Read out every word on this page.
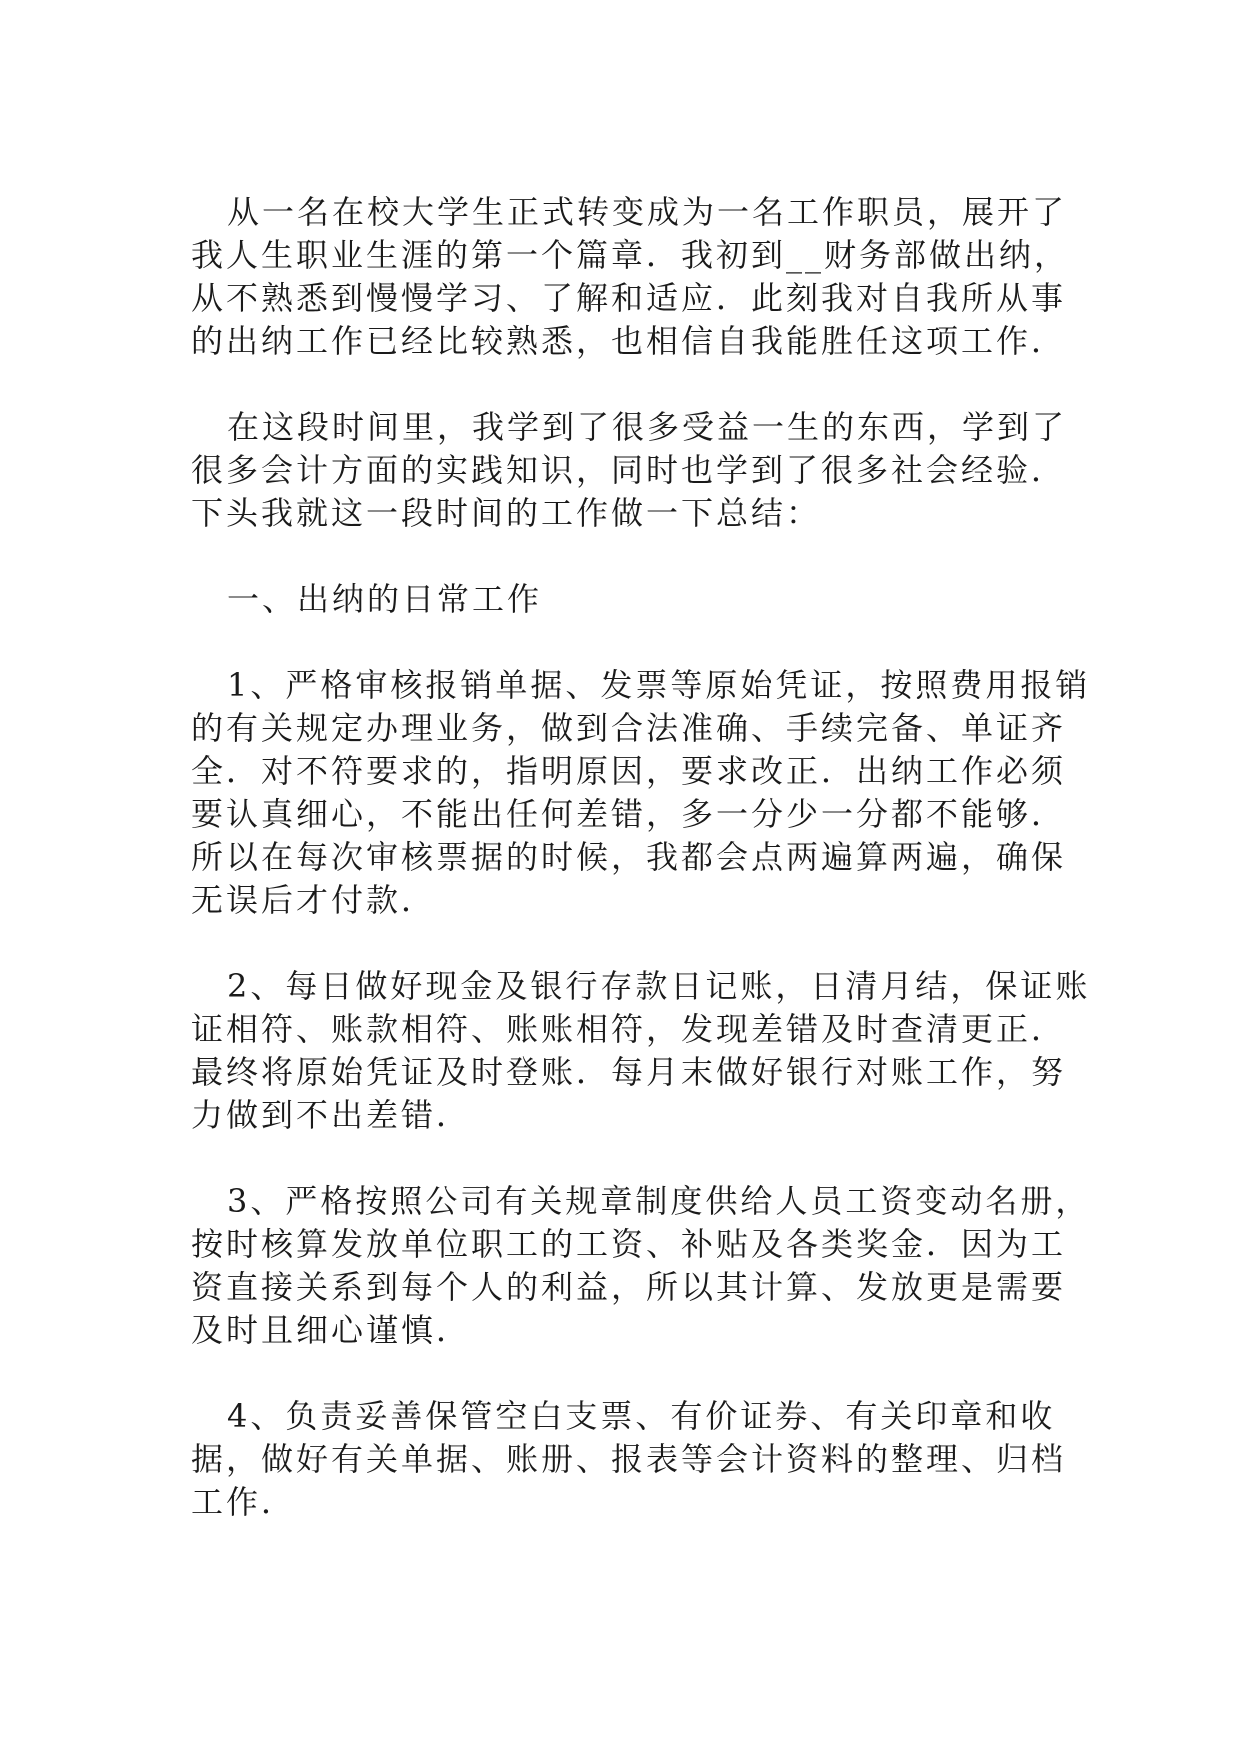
从一名在校大学生正式转变成为一名工作职员，展开了
我人生职业生涯的第一个篇章．我初到__财务部做出纳，
从不熟悉到慢慢学习、了解和适应．此刻我对自我所从事
的出纳工作已经比较熟悉，也相信自我能胜任这项工作．
在这段时间里，我学到了很多受益一生的东西，学到了
很多会计方面的实践知识，同时也学到了很多社会经验．
下头我就这一段时间的工作做一下总结：
一、出纳的日常工作
1、严格审核报销单据、发票等原始凭证，按照费用报销
的有关规定办理业务，做到合法准确、手续完备、单证齐
全．对不符要求的，指明原因，要求改正．出纳工作必须
要认真细心，不能出任何差错，多一分少一分都不能够．
所以在每次审核票据的时候，我都会点两遍算两遍，确保
无误后才付款．
2、每日做好现金及银行存款日记账，日清月结，保证账
证相符、账款相符、账账相符，发现差错及时查清更正．
最终将原始凭证及时登账．每月末做好银行对账工作，努
力做到不出差错．
3、严格按照公司有关规章制度供给人员工资变动名册，
按时核算发放单位职工的工资、补贴及各类奖金．因为工
资直接关系到每个人的利益，所以其计算、发放更是需要
及时且细心谨慎．
4、负责妥善保管空白支票、有价证券、有关印章和收
据，做好有关单据、账册、报表等会计资料的整理、归档
工作．
